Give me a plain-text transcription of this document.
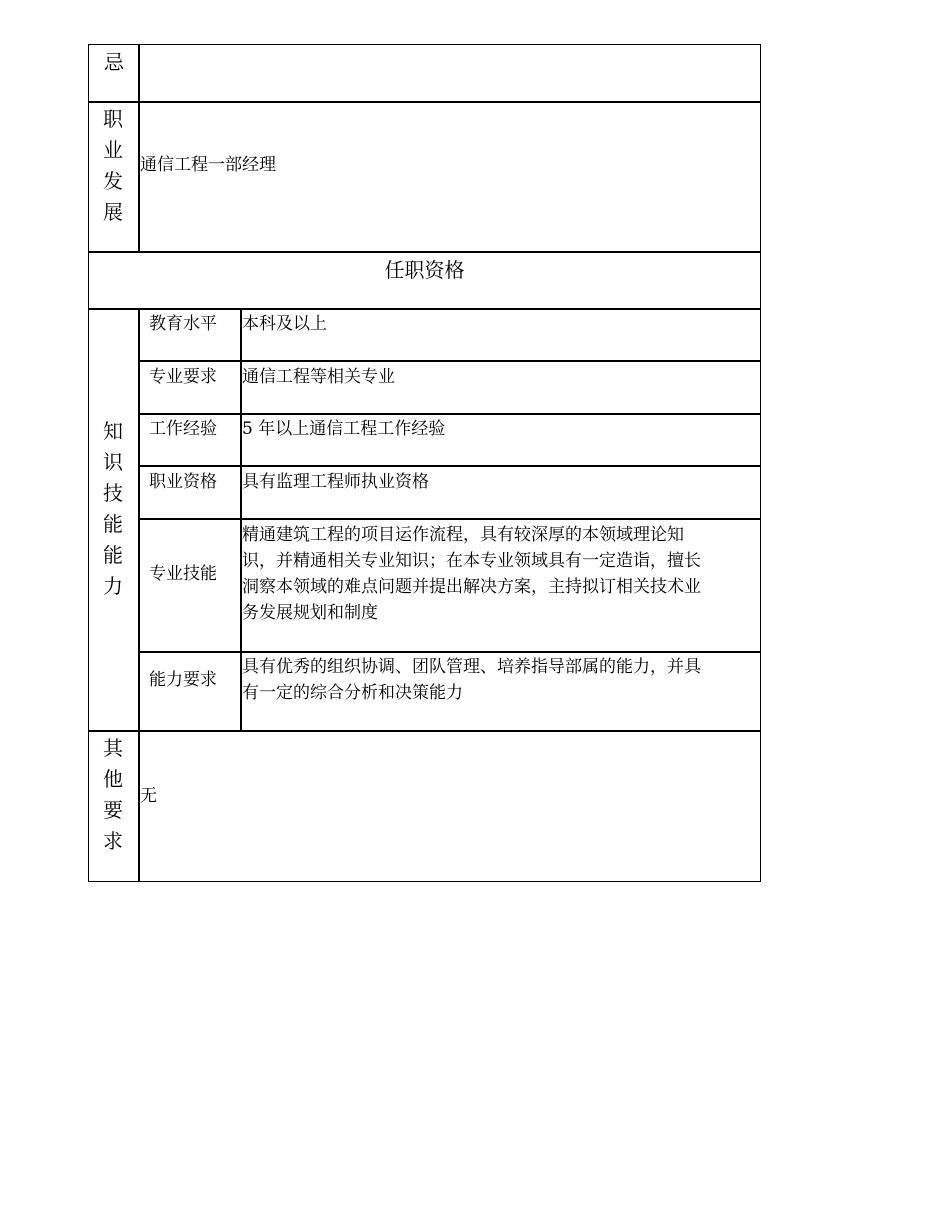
忌
职
业
发
展
通信工程一部经理
任职资格
知
识
技
能
能
力
教育水平 本科及以上
专业要求 通信工程等相关专业
工作经验 5 年以上通信工程工作经验
职业资格 具有监理工程师执业资格
专业技能
精通建筑工程的项目运作流程，具有较深厚的本领域理论知
识，并精通相关专业知识；在本专业领域具有一定造诣，擅长
洞察本领域的难点问题并提出解决方案，主持拟订相关技术业
务发展规划和制度
能力要求
具有优秀的组织协调、团队管理、培养指导部属的能力，并具
有一定的综合分析和决策能力
其
他
要
求
无
